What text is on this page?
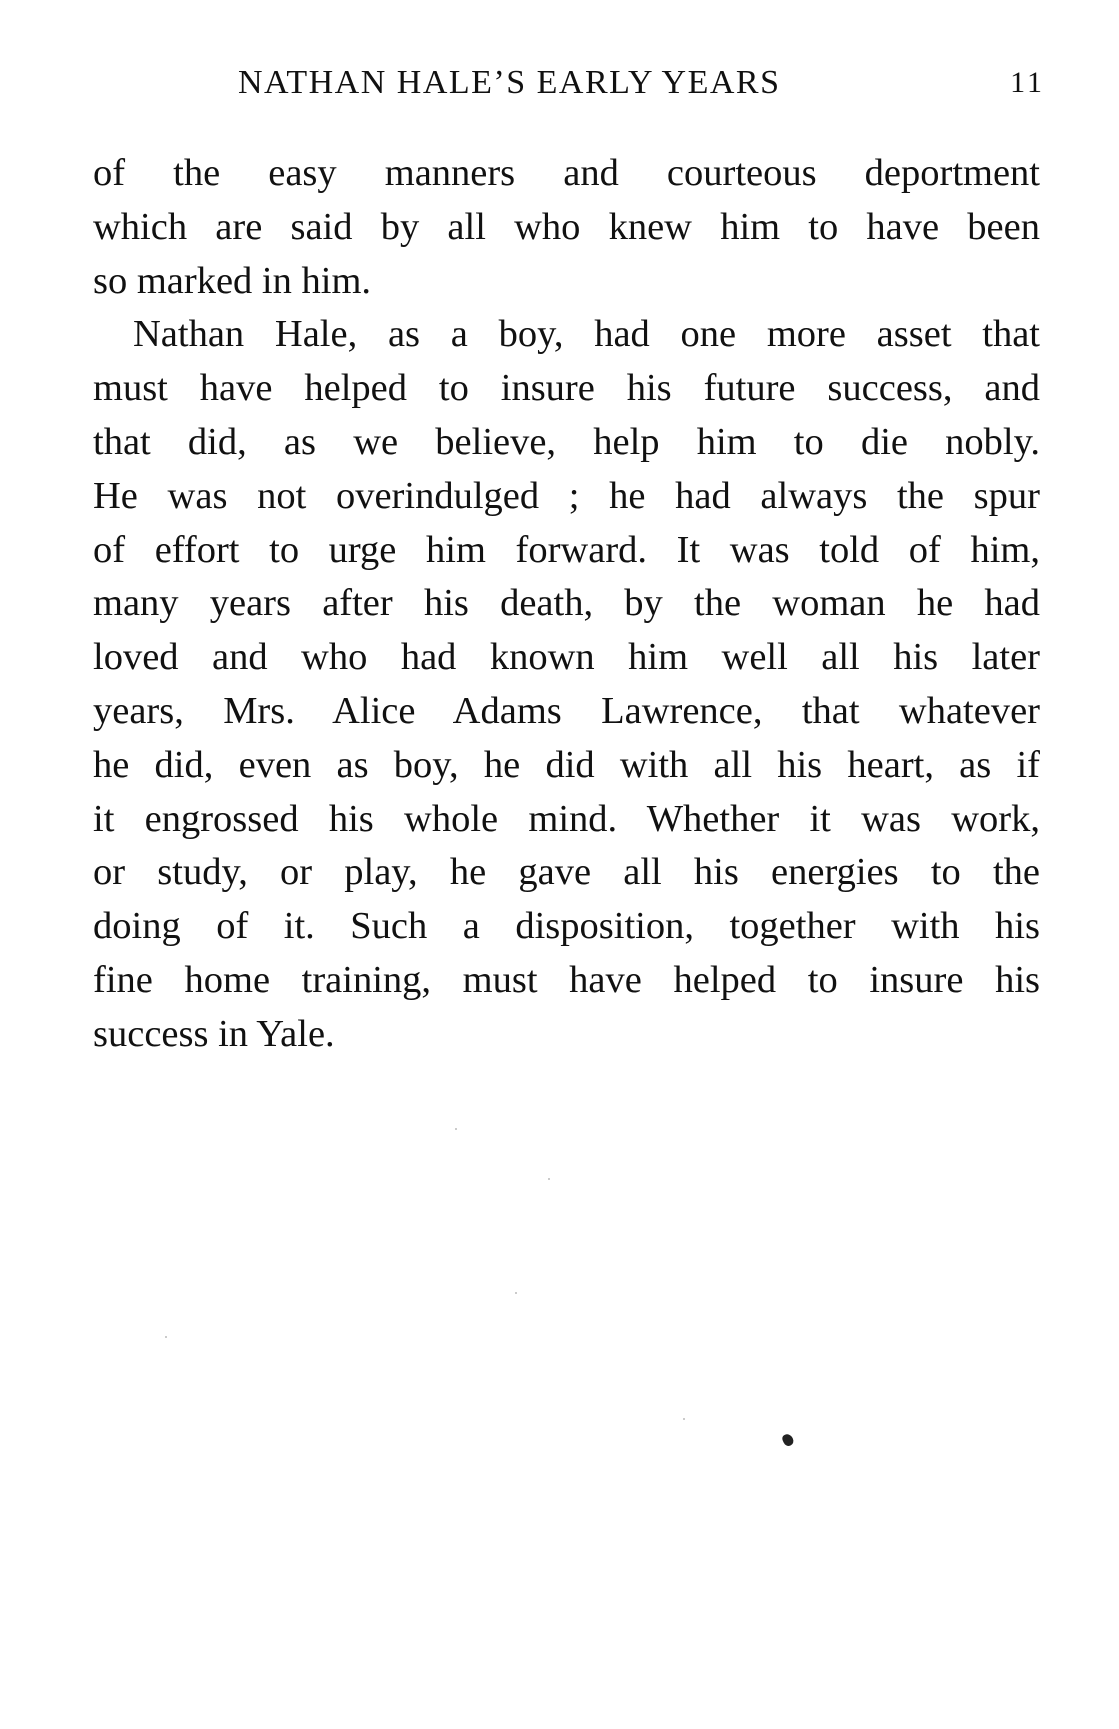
NATHAN HALE’S EARLY YEARS	11
of the easy manners and courteous deportment
which are said by all who knew him to have been
so marked in him.
Nathan Hale, as a boy, had one more asset that
must have helped to insure his future success, and
that did, as we believe, help him to die nobly.
He was not overindulged ; he had always the spur
of effort to urge him forward. It was told of him,
many years after his death, by the woman he had
loved and who had known him well all his later
years, Mrs. Alice Adams Lawrence, that whatever
he did, even as boy, he did with all his heart, as if
it engrossed his whole mind. Whether it was work,
or study, or play, he gave all his energies to the
doing of it. Such a disposition, together with his
fine home training, must have helped to insure his
success in Yale.
